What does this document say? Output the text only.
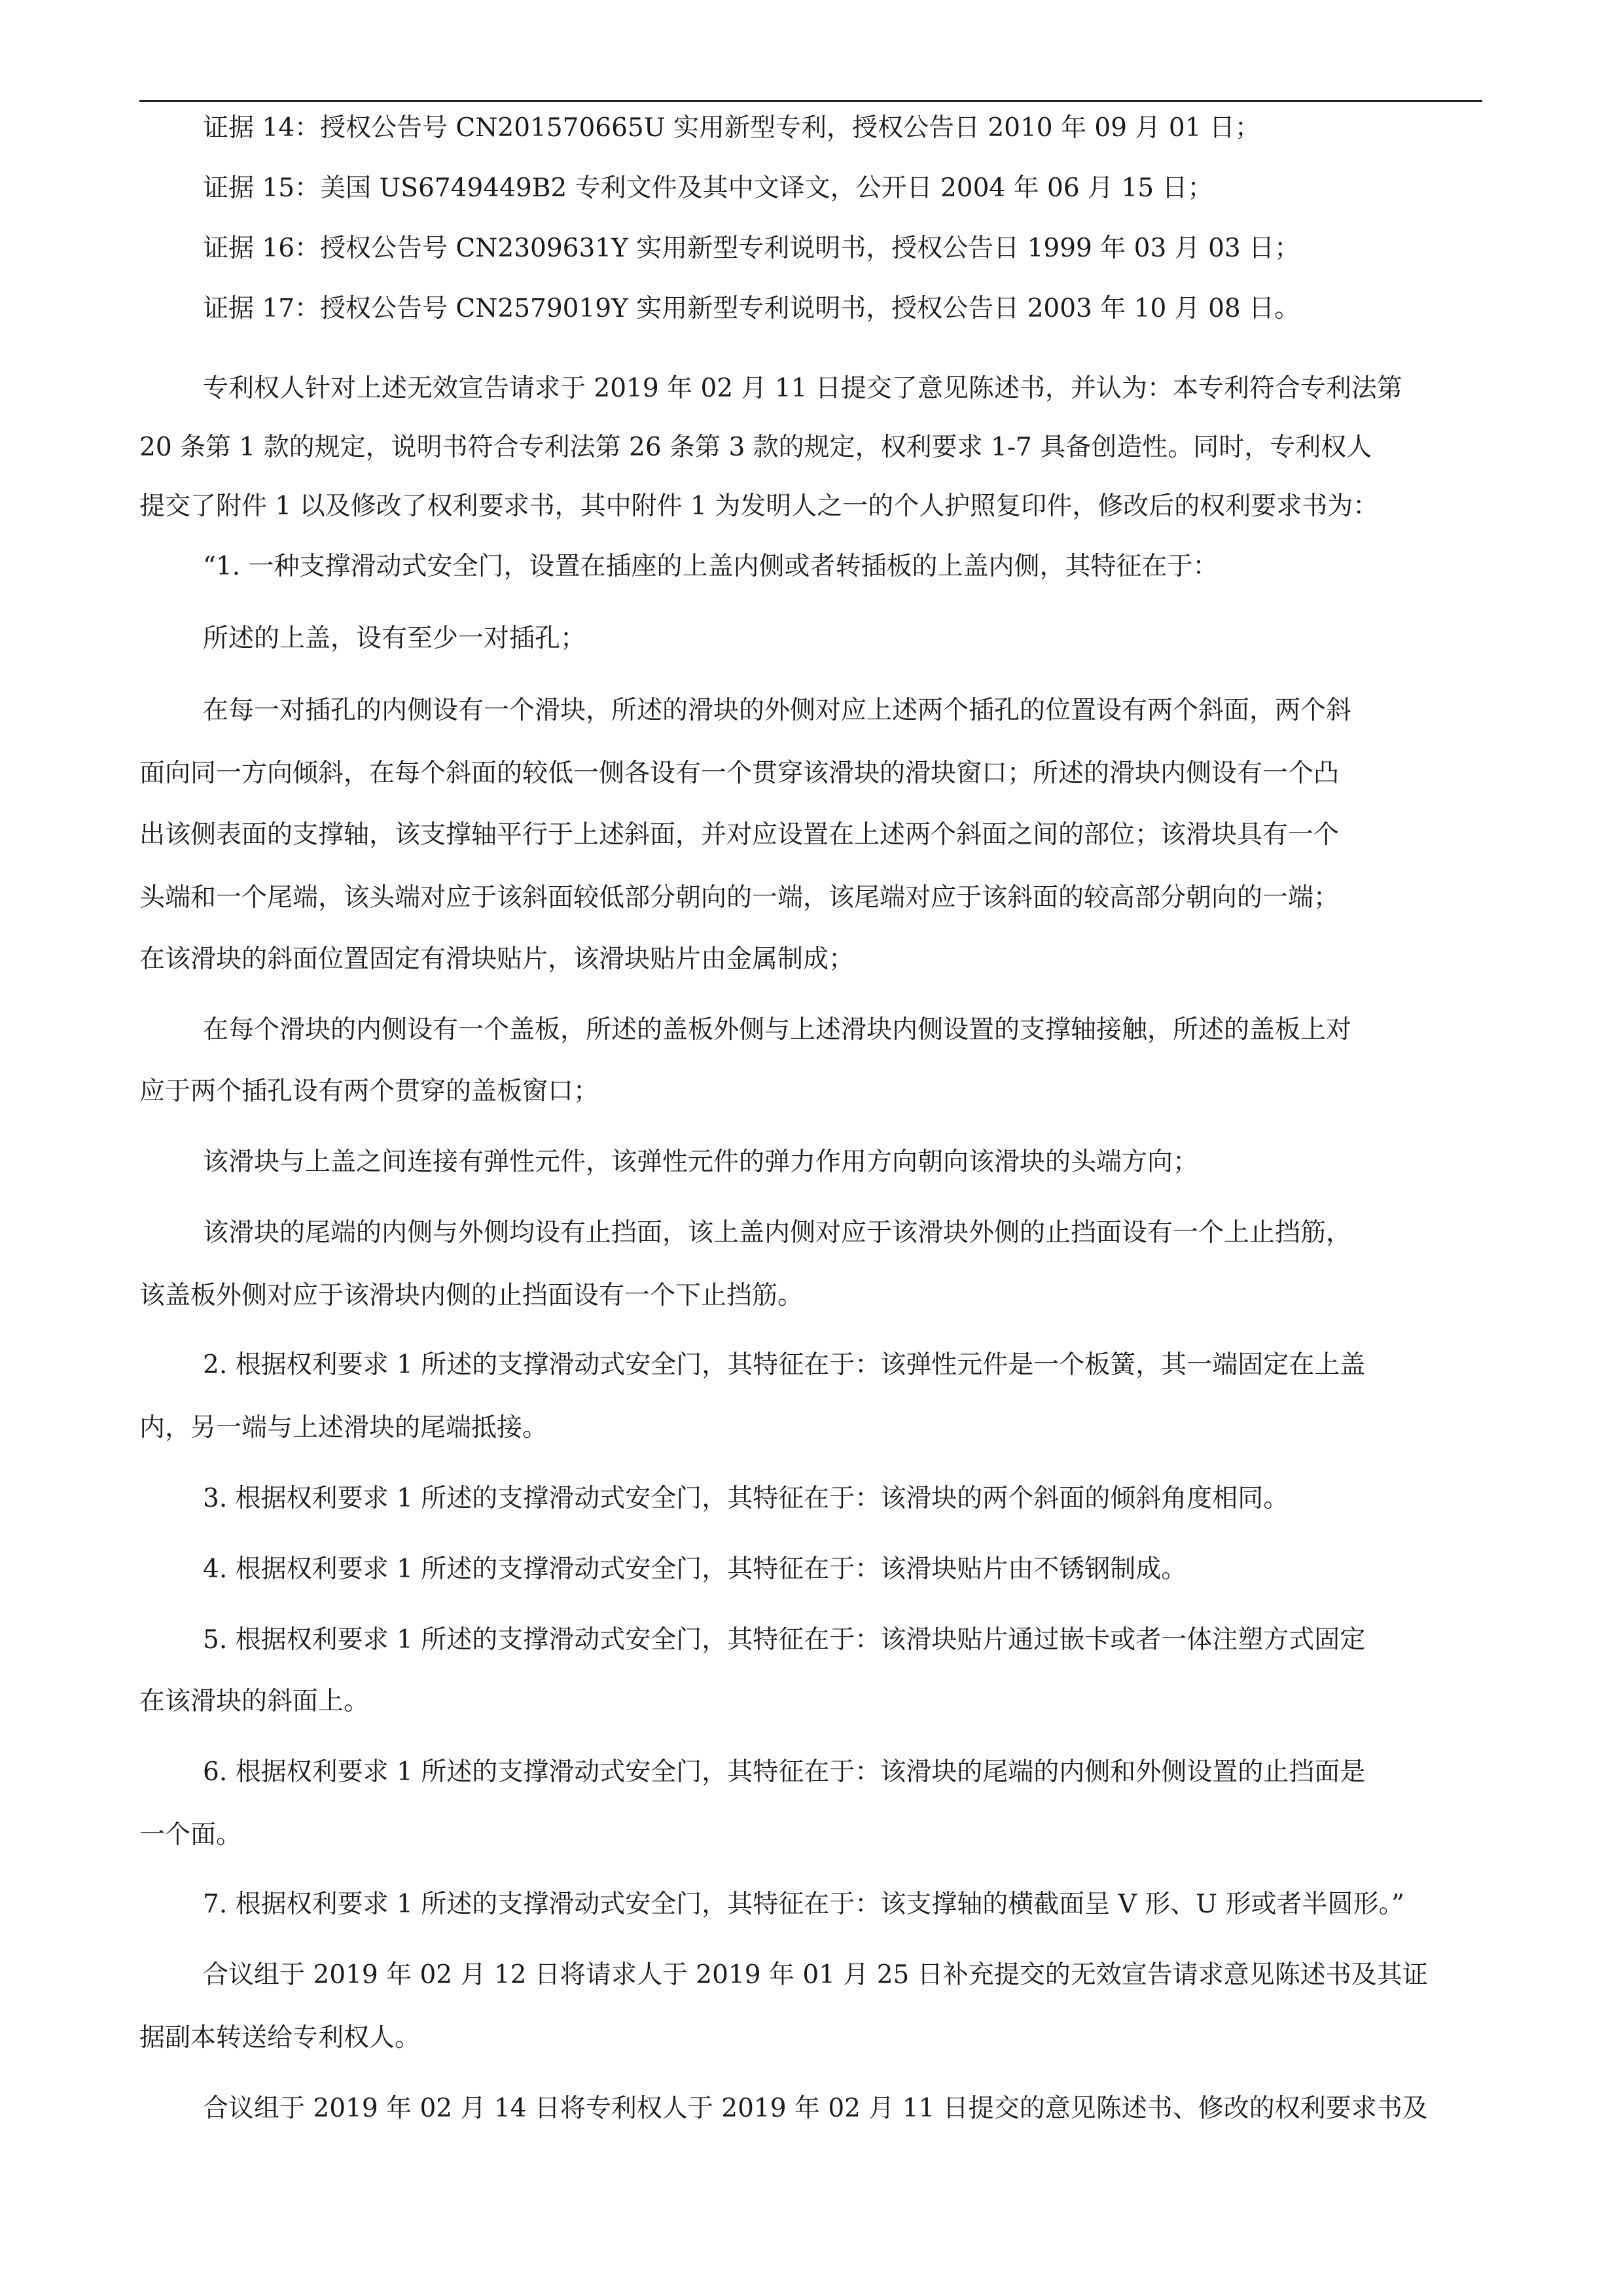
证据 14：授权公告号 CN201570665U 实用新型专利，授权公告日 2010 年 09 月 01 日；
证据 15：美国 US6749449B2 专利文件及其中文译文，公开日 2004 年 06 月 15 日；
证据 16：授权公告号 CN2309631Y 实用新型专利说明书，授权公告日 1999 年 03 月 03 日；
证据 17：授权公告号 CN2579019Y 实用新型专利说明书，授权公告日 2003 年 10 月 08 日。
专利权人针对上述无效宣告请求于 2019 年 02 月 11 日提交了意见陈述书，并认为：本专利符合专利法第
20 条第 1 款的规定，说明书符合专利法第 26 条第 3 款的规定，权利要求 1-7 具备创造性。同时，专利权人
提交了附件 1 以及修改了权利要求书，其中附件 1 为发明人之一的个人护照复印件，修改后的权利要求书为：
“1. 一种支撑滑动式安全门，设置在插座的上盖内侧或者转插板的上盖内侧，其特征在于：
所述的上盖，设有至少一对插孔；
在每一对插孔的内侧设有一个滑块，所述的滑块的外侧对应上述两个插孔的位置设有两个斜面，两个斜
面向同一方向倾斜，在每个斜面的较低一侧各设有一个贯穿该滑块的滑块窗口；所述的滑块内侧设有一个凸
出该侧表面的支撑轴，该支撑轴平行于上述斜面，并对应设置在上述两个斜面之间的部位；该滑块具有一个
头端和一个尾端，该头端对应于该斜面较低部分朝向的一端，该尾端对应于该斜面的较高部分朝向的一端；
在该滑块的斜面位置固定有滑块贴片，该滑块贴片由金属制成；
在每个滑块的内侧设有一个盖板，所述的盖板外侧与上述滑块内侧设置的支撑轴接触，所述的盖板上对
应于两个插孔设有两个贯穿的盖板窗口；
该滑块与上盖之间连接有弹性元件，该弹性元件的弹力作用方向朝向该滑块的头端方向；
该滑块的尾端的内侧与外侧均设有止挡面，该上盖内侧对应于该滑块外侧的止挡面设有一个上止挡筋，
该盖板外侧对应于该滑块内侧的止挡面设有一个下止挡筋。
2. 根据权利要求 1 所述的支撑滑动式安全门，其特征在于：该弹性元件是一个板簧，其一端固定在上盖
内，另一端与上述滑块的尾端抵接。
3. 根据权利要求 1 所述的支撑滑动式安全门，其特征在于：该滑块的两个斜面的倾斜角度相同。
4. 根据权利要求 1 所述的支撑滑动式安全门，其特征在于：该滑块贴片由不锈钢制成。
5. 根据权利要求 1 所述的支撑滑动式安全门，其特征在于：该滑块贴片通过嵌卡或者一体注塑方式固定
在该滑块的斜面上。
6. 根据权利要求 1 所述的支撑滑动式安全门，其特征在于：该滑块的尾端的内侧和外侧设置的止挡面是
一个面。
7. 根据权利要求 1 所述的支撑滑动式安全门，其特征在于：该支撑轴的横截面呈 V 形、U 形或者半圆形。”
合议组于 2019 年 02 月 12 日将请求人于 2019 年 01 月 25 日补充提交的无效宣告请求意见陈述书及其证
据副本转送给专利权人。
合议组于 2019 年 02 月 14 日将专利权人于 2019 年 02 月 11 日提交的意见陈述书、修改的权利要求书及
